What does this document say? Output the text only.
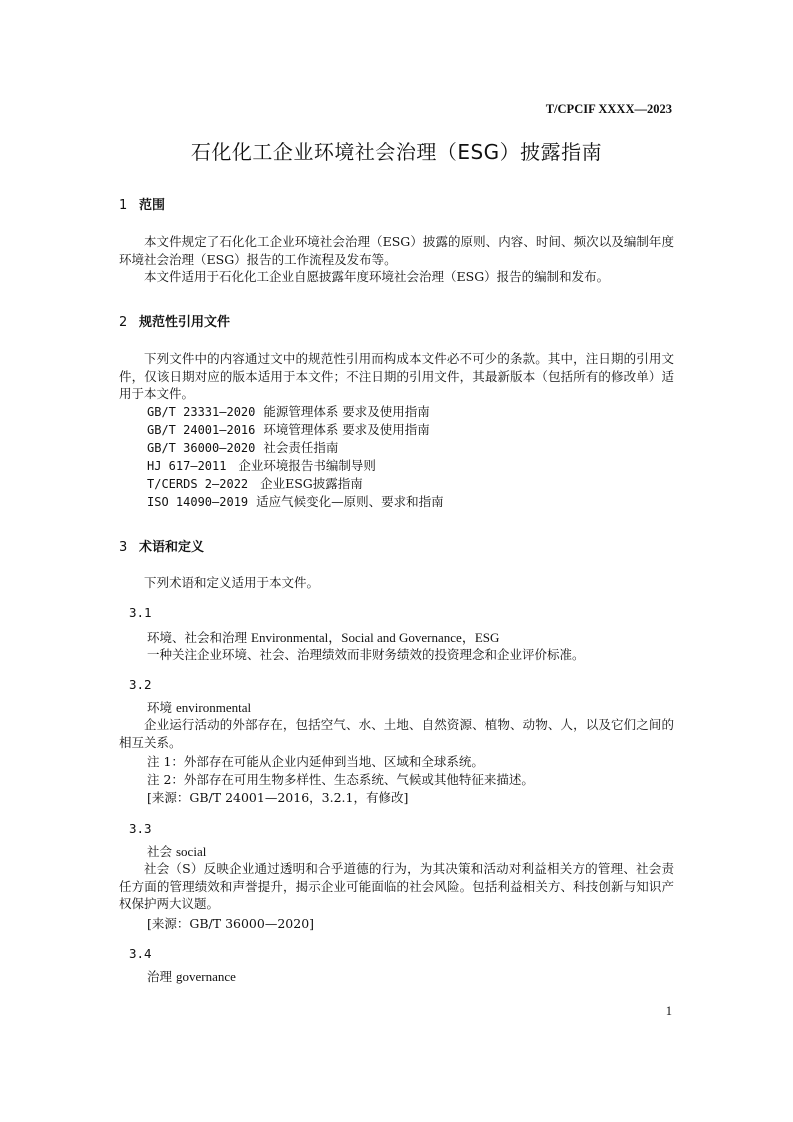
T/CPCIF XXXX—2023
石化化工企业环境社会治理（ESG）披露指南
1 范围
本文件规定了石化化工企业环境社会治理（ESG）披露的原则、内容、时间、频次以及编制年度环境社会治理（ESG）报告的工作流程及发布等。
本文件适用于石化化工企业自愿披露年度环境社会治理（ESG）报告的编制和发布。
2 规范性引用文件
下列文件中的内容通过文中的规范性引用而构成本文件必不可少的条款。其中，注日期的引用文件，仅该日期对应的版本适用于本文件；不注日期的引用文件，其最新版本（包括所有的修改单）适用于本文件。
GB/T 23331—2020 能源管理体系 要求及使用指南
GB/T 24001—2016 环境管理体系 要求及使用指南
GB/T 36000—2020 社会责任指南
HJ 617—2011 企业环境报告书编制导则
T/CERDS 2—2022 企业ESG披露指南
ISO 14090—2019 适应气候变化—原则、要求和指南
3 术语和定义
下列术语和定义适用于本文件。
3.1
环境、社会和治理 Environmental，Social and Governance，ESG
一种关注企业环境、社会、治理绩效而非财务绩效的投资理念和企业评价标准。
3.2
环境 environmental
企业运行活动的外部存在，包括空气、水、土地、自然资源、植物、动物、人，以及它们之间的相互关系。
注 1：外部存在可能从企业内延伸到当地、区域和全球系统。
注 2：外部存在可用生物多样性、生态系统、气候或其他特征来描述。
[来源：GB/T 24001—2016，3.2.1，有修改]
3.3
社会 social
社会（S）反映企业通过透明和合乎道德的行为，为其决策和活动对利益相关方的管理、社会责任方面的管理绩效和声誉提升，揭示企业可能面临的社会风险。包括利益相关方、科技创新与知识产权保护两大议题。
[来源：GB/T 36000—2020]
3.4
治理 governance
1
